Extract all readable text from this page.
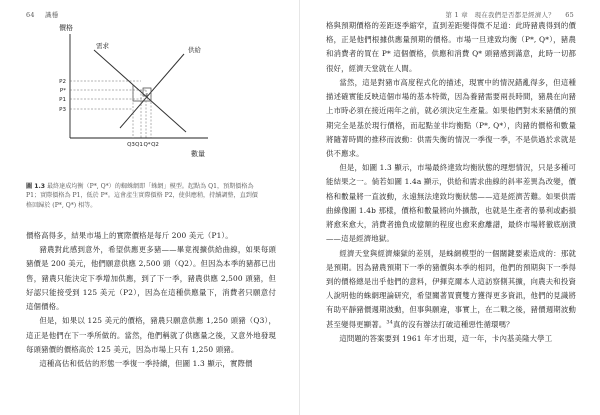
64 識穩
價格
數量
需求	供給
P2
P*
P1
P3
Q3 Q1 Q* Q2
圖 1.3 最終達成均衡（P*, Q*）的蜘蛛網即「蛛網」模型。起點為 Q1，預期價格為 P1；實際價格為 P1，低於 P*。這會產生實際價格 P2，使供應稍，持續調整，直到價格回歸於 (P*, Q*) 相等。

價格高得多，結果市場上的實際價格是每斤 200 美元（P1）。

豬農對此感到意外，希望供應更多豬——畢竟視擴供給曲線，如果每頭豬價是 200 美元，他們願意供應 2,500 頭（Q2）。但因為本季的豬都已出售，豬農只能決定下季增加供應，到了下一季，豬農供應 2,500 頭豬，但好認只能接受到 125 美元（P2），因為在這種供應量下，消費者只願意付這個價格。

但是，如果以 125 美元的價格，豬農只願意供應 1,250 頭豬（Q3），這正是他們在下一季所做的。當然，他們稱就了供應量之後，又意外地發現每頭豬價的價格高於 125 美元，因為市場上只有 1,250 頭豬。

這種高估和低估的形態一季復一季持續，但圖 1.3 顯示，實際價

第 1 章　現在我們是否都是經濟人？ 65

格與預期價格的差距逐季縮窄，直到差距變得微不足道：此時豬農得到的價格，正是他們根據供應量預期的價格。市場一旦達致均衡（P*, Q*），豬農和消費者的買在 P* 這個價格，供應和消費 Q* 頭豬感到滿意，此時一切都很好，經濟天堂就在人間。

當然，這是對豬市高度程式化的描述，現實中的情況錯亂得多，但這種描述確實能反映這個市場的基本特徵，因為養豬需要兩長時間，豬農在向豬上市時必須在接近兩年之前，就必須決定生產量。如果他們對未來豬價的預期完全是基於現行價格，而起點並非均衡點（P*, Q*），肉豬的價格和數量將隨著時間的推移而波動：供需失衡的情況一季復一季，不是供過於求就是供不應求。

但是，如圖 1.3 顯示，市場最終達致均衡狀態的理想情況，只是多種可能結果之一。倘若如圖 1.4a 顯示，供給和需求曲線的斜率差異為改變，價格和數量將一直波動，永遠無法達致均衡狀態——這是經濟苦難。如果供需曲線像圖 1.4b 那樣，價格和數量將向外擴散，也就是生產者的暴利或虧損將愈來愈大，消費者擔負成億額的程度也愈來愈離譜，最終市場將徹底崩潰——這是經濟地獄。

經濟天堂與經濟煉獄的差別，是蛛網模型的一個關鍵要素造成的：那就是預期。因為豬農預期下一季的豬價與本季的相同，他們的預期與下一季得到的價格總是出乎他們的意料，伊揮克爾本人這訪察側其擴，向農夫和投資人說明他的蛛網理論研究，希望關著買賣雙方獲得更多資訊，他們的見識將有助平靜豬價週期波動，但事與願違，事實上，在二戰之後，豬價週期波動甚至變得更顯著。$^{34}$真的沒有辦法打破這種惡性循環嗎？

這問題的答案要到 1961 年才出現，這一年，卡內基美隆大學工
